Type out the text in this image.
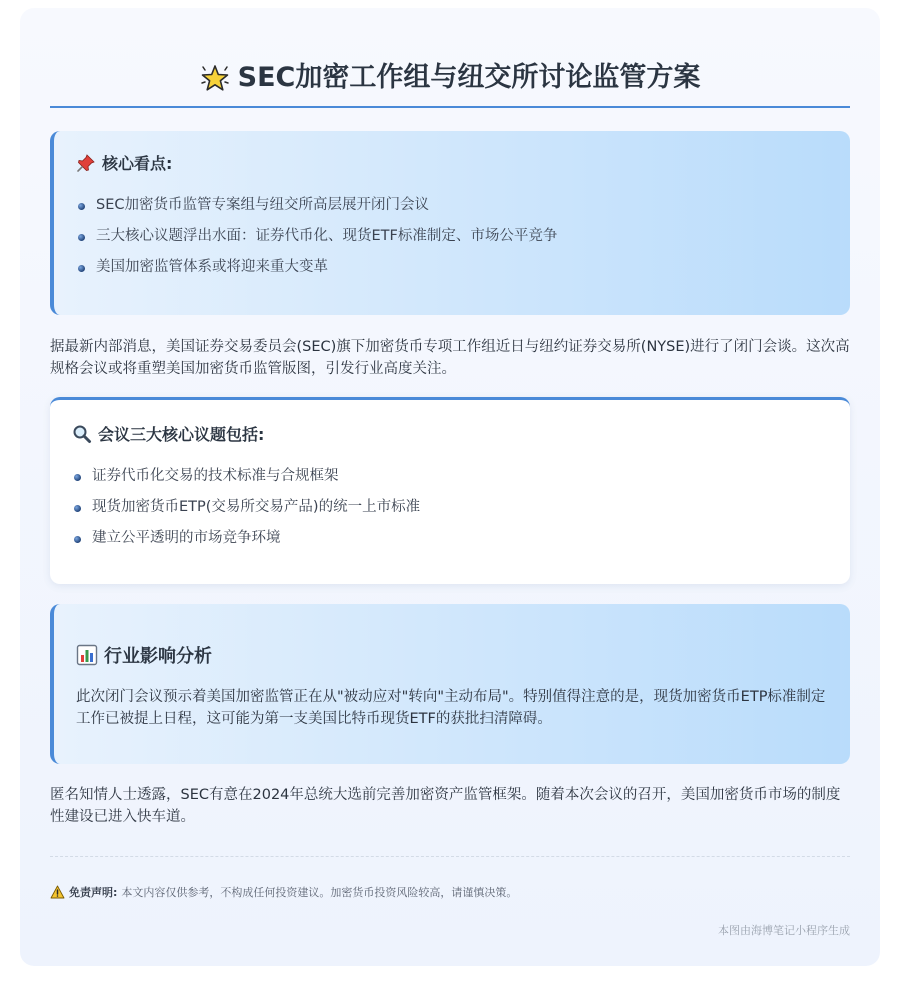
SEC加密工作组与纽交所讨论监管方案
核心看点:
SEC加密货币监管专案组与纽交所高层展开闭门会议
三大核心议题浮出水面：证券代币化、现货ETF标准制定、市场公平竞争
美国加密监管体系或将迎来重大变革
据最新内部消息，美国证券交易委员会(SEC)旗下加密货币专项工作组近日与纽约证券交易所(NYSE)进行了闭门会谈。这次高规格会议或将重塑美国加密货币监管版图，引发行业高度关注。
会议三大核心议题包括:
证券代币化交易的技术标准与合规框架
现货加密货币ETP(交易所交易产品)的统一上市标准
建立公平透明的市场竞争环境
行业影响分析
此次闭门会议预示着美国加密监管正在从"被动应对"转向"主动布局"。特别值得注意的是，现货加密货币ETP标准制定工作已被提上日程，这可能为第一支美国比特币现货ETF的获批扫清障碍。
匿名知情人士透露，SEC有意在2024年总统大选前完善加密资产监管框架。随着本次会议的召开，美国加密货币市场的制度性建设已进入快车道。
免责声明: 本文内容仅供参考，不构成任何投资建议。加密货币投资风险较高，请谨慎决策。
本图由海博笔记小程序生成
